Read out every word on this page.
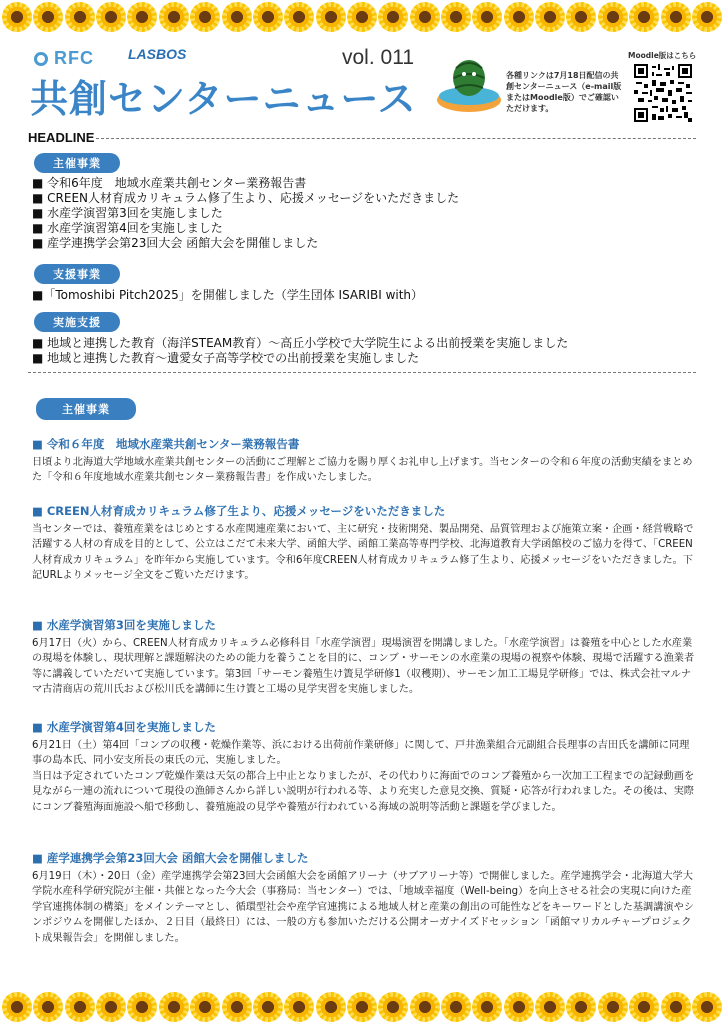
RFC LASBOS	vol. 011
共創センターニュース
各種リンクは7月18日配信の共創センターニュース（e-mail版またはMoodle版）でご確認いただけます。
Moodle版はこちら
HEADLINE
主催事業
■ 令和6年度　地域水産業共創センター業務報告書
■ CREEN人材育成カリキュラム修了生より、応援メッセージをいただきました
■ 水産学演習第3回を実施しました
■ 水産学演習第4回を実施しました
■ 産学連携学会第23回大会 函館大会を開催しました
支援事業
■「Tomoshibi Pitch2025」を開催しました（学生団体 ISARIBI with）
実施支援
■ 地域と連携した教育（海洋STEAM教育）～高丘小学校で大学院生による出前授業を実施しました
■ 地域と連携した教育～遺愛女子高等学校での出前授業を実施しました
主催事業
■ 令和６年度　地域水産業共創センター業務報告書
日頃より北海道大学地域水産業共創センターの活動にご理解とご協力を賜り厚くお礼申し上げます。当センターの令和６年度の活動実績をまとめた「令和６年度地域水産業共創センター業務報告書」を作成いたしました。
■ CREEN人材育成カリキュラム修了生より、応援メッセージをいただきました
当センターでは、養殖産業をはじめとする水産関連産業において、主に研究・技術開発、製品開発、品質管理および施策立案・企画・経営戦略で活躍する人材の育成を目的として、公立はこだて未来大学、函館大学、函館工業高等専門学校、北海道教育大学函館校のご協力を得て、「CREEN人材育成カリキュラム」を昨年から実施しています。令和6年度CREEN人材育成カリキュラム修了生より、応援メッセージをいただきました。下記URLよりメッセージ全文をご覧いただけます。
■ 水産学演習第3回を実施しました
6月17日（火）から、CREEN人材育成カリキュラム必修科目「水産学演習」現場演習を開講しました。「水産学演習」は養殖を中心とした水産業の現場を体験し、現状理解と課題解決のための能力を養うことを目的に、コンブ・サーモンの水産業の現場の視察や体験、現場で活躍する漁業者等に講義していただいて実施しています。第3回「サーモン養殖生け簀見学研修1（収穫期）、サーモン加工工場見学研修」では、株式会社マルナマ古清商店の荒川氏および松川氏を講師に生け簀と工場の見学実習を実施しました。
■ 水産学演習第4回を実施しました
6月21日（土）第4回「コンブの収穫・乾燥作業等、浜における出荷前作業研修」に関して、戸井漁業組合元副組合長理事の吉田氏を講師に同理事の島本氏、同小安支所長の東氏の元、実施しました。
当日は予定されていたコンブ乾燥作業は天気の都合上中止となりましたが、その代わりに海面でのコンブ養殖から一次加工工程までの記録動画を見ながら一連の流れについて現役の漁師さんから詳しい説明が行われる等、より充実した意見交換、質疑・応答が行われました。その後は、実際にコンブ養殖海面施設へ船で移動し、養殖施設の見学や養殖が行われている海域の説明等活動と課題を学びました。
■ 産学連携学会第23回大会 函館大会を開催しました
6月19日（木）・20日（金）産学連携学会第23回大会函館大会を函館アリーナ（サブアリーナ等）で開催しました。産学連携学会・北海道大学大学院水産科学研究院が主催・共催となった今大会（事務局：当センター）では、「地域幸福度（Well-being）を向上させる社会の実現に向けた産学官連携体制の構築」をメインテーマとし、循環型社会や産学官連携による地域人材と産業の創出の可能性などをキーワードとした基調講演やシンポジウムを開催したほか、２日目（最終日）には、一般の方も参加いただける公開オーガナイズドセッション「函館マリカルチャープロジェクト成果報告会」を開催しました。
